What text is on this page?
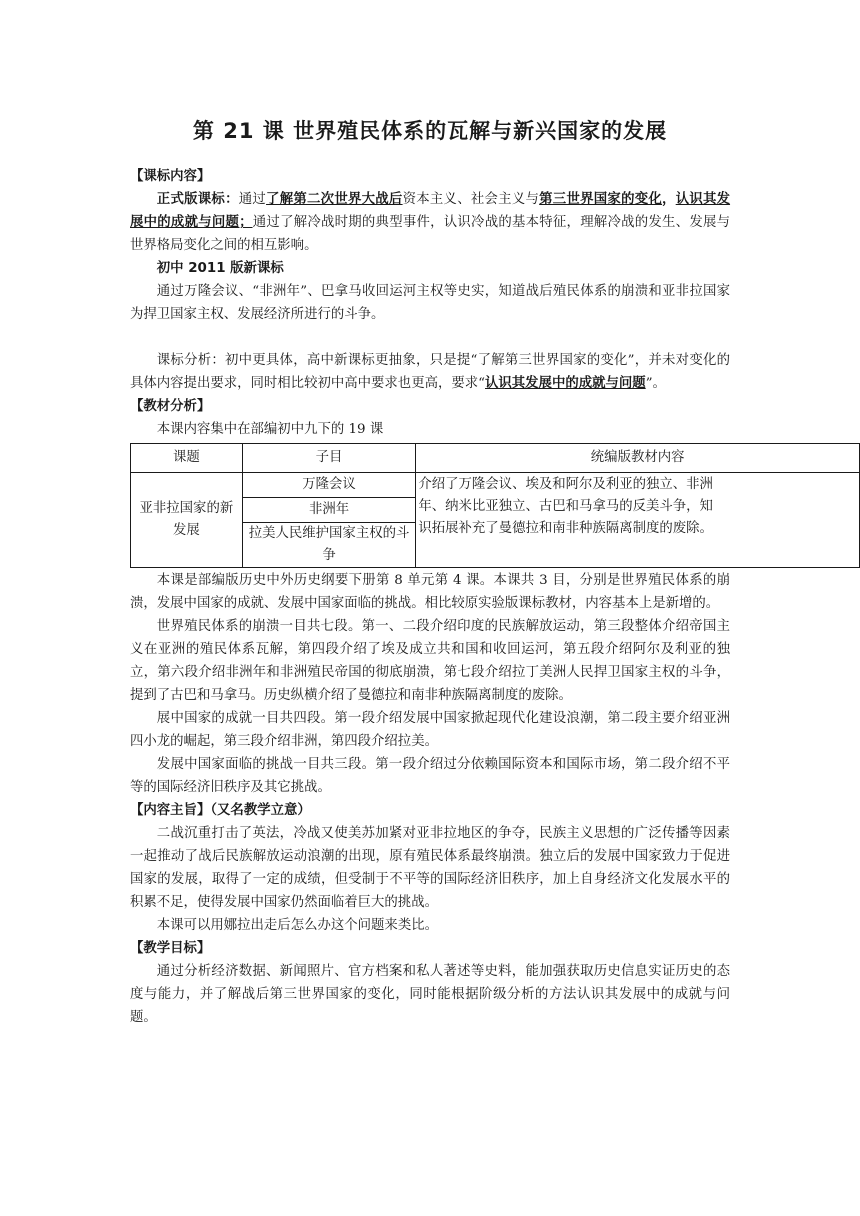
第 21 课 世界殖民体系的瓦解与新兴国家的发展
【课标内容】

正式版课标：通过了解第二次世界大战后资本主义、社会主义与第三世界国家的变化，认识其发展中的成就与问题；通过了解冷战时期的典型事件，认识冷战的基本特征，理解冷战的发生、发展与世界格局变化之间的相互影响。

初中 2011 版新课标

通过万隆会议、“非洲年”、巴拿马收回运河主权等史实，知道战后殖民体系的崩溃和亚非拉国家为捍卫国家主权、发展经济所进行的斗争。

课标分析：初中更具体，高中新课标更抽象，只是提“了解第三世界国家的变化”，并未对变化的具体内容提出要求，同时相比较初中高中要求也更高，要求“认识其发展中的成就与问题”。

【教材分析】

本课内容集中在部编初中九下的 19 课

课题	子目	统编版教材内容
亚非拉国家的新发展	万隆会议	介绍了万隆会议、埃及和阿尔及利亚的独立、非洲年、纳米比亚独立、古巴和马拿马的反美斗争，知识拓展补充了曼德拉和南非种族隔离制度的废除。

	非洲年	
	拉美人民维护国家主权的斗争	

本课是部编版历史中外历史纲要下册第 8 单元第 4 课。本课共 3 目，分别是世界殖民体系的崩溃，发展中国家的成就、发展中国家面临的挑战。相比较原实验版课标教材，内容基本上是新增的。

世界殖民体系的崩溃一目共七段。第一、二段介绍印度的民族解放运动，第三段整体介绍帝国主义在亚洲的殖民体系瓦解，第四段介绍了埃及成立共和国和收回运河，第五段介绍阿尔及利亚的独立，第六段介绍非洲年和非洲殖民帝国的彻底崩溃，第七段介绍拉丁美洲人民捍卫国家主权的斗争，提到了古巴和马拿马。历史纵横介绍了曼德拉和南非种族隔离制度的废除。

展中国家的成就一目共四段。第一段介绍发展中国家掀起现代化建设浪潮，第二段主要介绍亚洲四小龙的崛起，第三段介绍非洲，第四段介绍拉美。

发展中国家面临的挑战一目共三段。第一段介绍过分依赖国际资本和国际市场，第二段介绍不平等的国际经济旧秩序及其它挑战。

【内容主旨】（又名教学立意）

二战沉重打击了英法，冷战又使美苏加紧对亚非拉地区的争夺，民族主义思想的广泛传播等因素一起推动了战后民族解放运动浪潮的出现，原有殖民体系最终崩溃。独立后的发展中国家致力于促进国家的发展，取得了一定的成绩，但受制于不平等的国际经济旧秩序，加上自身经济文化发展水平的积累不足，使得发展中国家仍然面临着巨大的挑战。

本课可以用娜拉出走后怎么办这个问题来类比。

【教学目标】

通过分析经济数据、新闻照片、官方档案和私人著述等史料，能加强获取历史信息实证历史的态度与能力，并了解战后第三世界国家的变化，同时能根据阶级分析的方法认识其发展中的成就与问题。
